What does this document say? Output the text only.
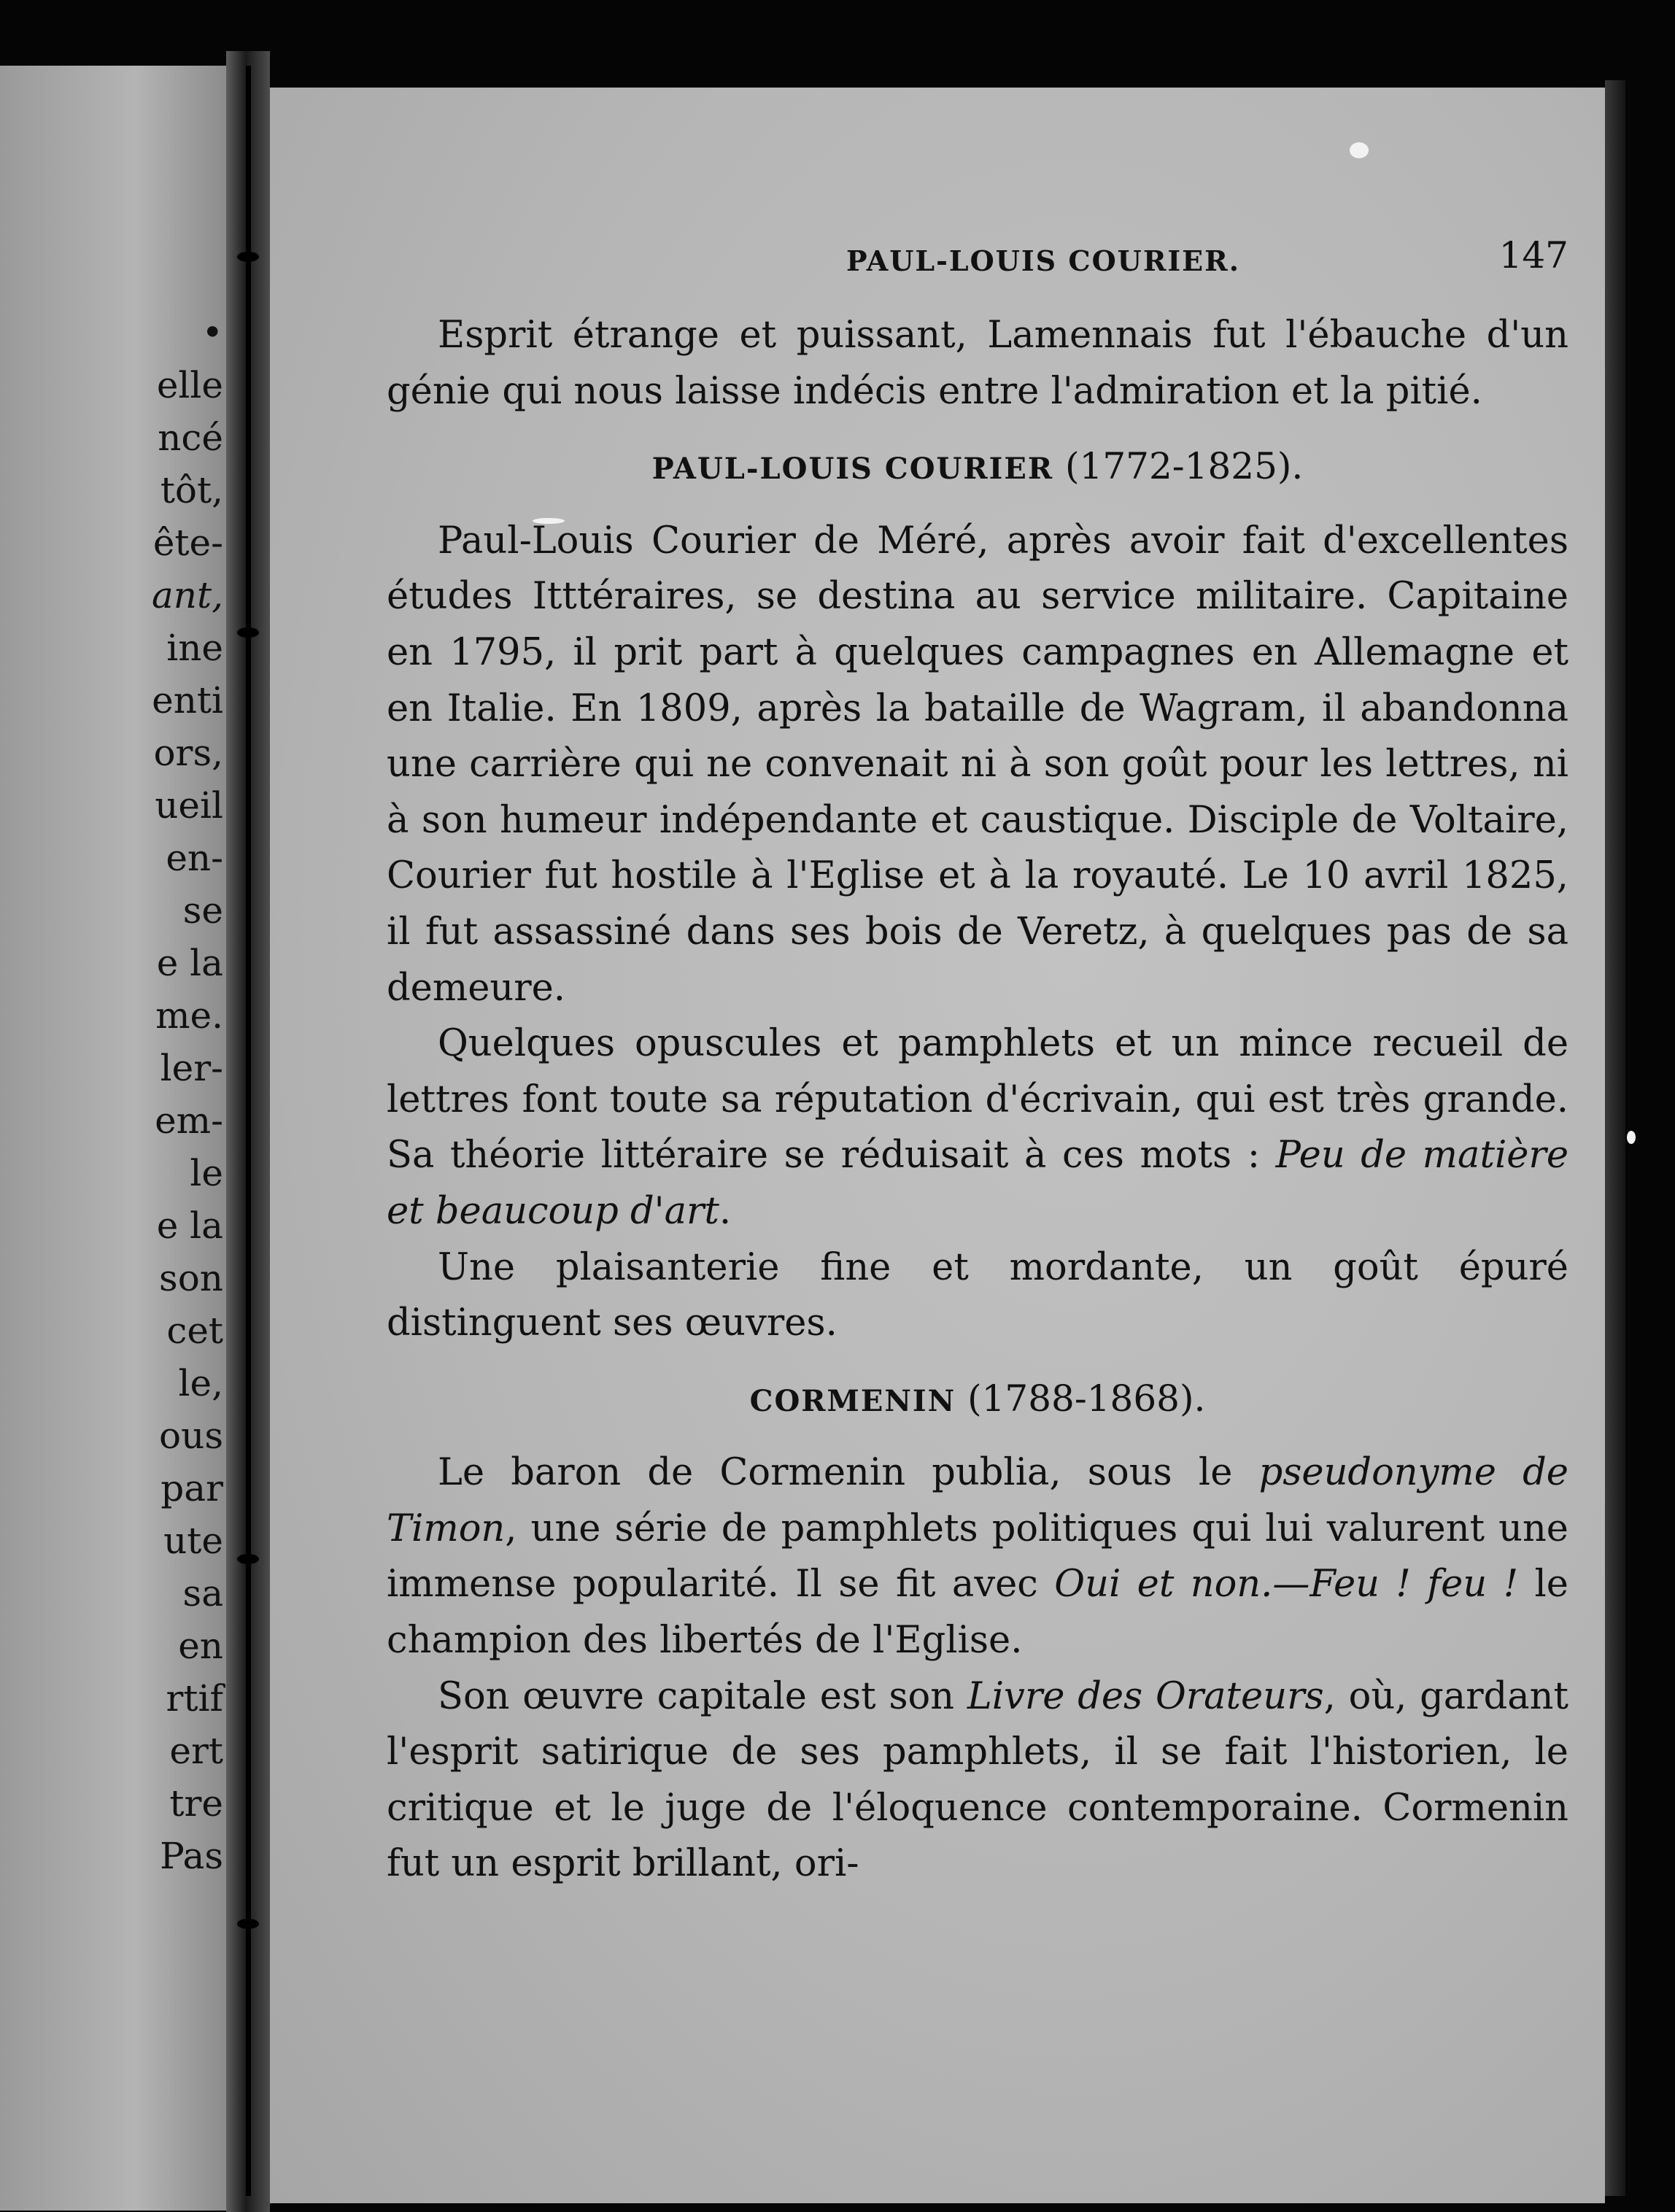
•
elle
ncé
tôt,
ête-
ant,
ine
enti
ors,
ueil
en-
se
e la
me.
ler-
em-
le
e la
son
cet
le,
ous
par
ute
sa
en
rtif
ert
tre
Pas
PAUL-LOUIS COURIER.	147

Esprit étrange et puissant, Lamennais fut l'ébauche d'un génie qui nous laisse indécis entre l'admiration et la pitié.

PAUL-LOUIS COURIER (1772-1825).

Paul-Louis Courier de Méré, après avoir fait d'excellentes études Itttéraires, se destina au service militaire. Capitaine en 1795, il prit part à quelques campagnes en Allemagne et en Italie. En 1809, après la bataille de Wagram, il abandonna une carrière qui ne convenait ni à son goût pour les lettres, ni à son humeur indépendante et caustique. Disciple de Voltaire, Courier fut hostile à l'Eglise et à la royauté. Le 10 avril 1825, il fut assassiné dans ses bois de Veretz, à quelques pas de sa demeure.

Quelques opuscules et pamphlets et un mince recueil de lettres font toute sa réputation d'écrivain, qui est très grande. Sa théorie littéraire se réduisait à ces mots : Peu de matière et beaucoup d'art.

Une plaisanterie fine et mordante, un goût épuré distinguent ses œuvres.

CORMENIN (1788-1868).

Le baron de Cormenin publia, sous le pseudonyme de Timon, une série de pamphlets politiques qui lui valurent une immense popularité. Il se fit avec Oui et non.—Feu ! feu ! le champion des libertés de l'Eglise.

Son œuvre capitale est son Livre des Orateurs, où, gardant l'esprit satirique de ses pamphlets, il se fait l'historien, le critique et le juge de l'éloquence contemporaine. Cormenin fut un esprit brillant, ori-
